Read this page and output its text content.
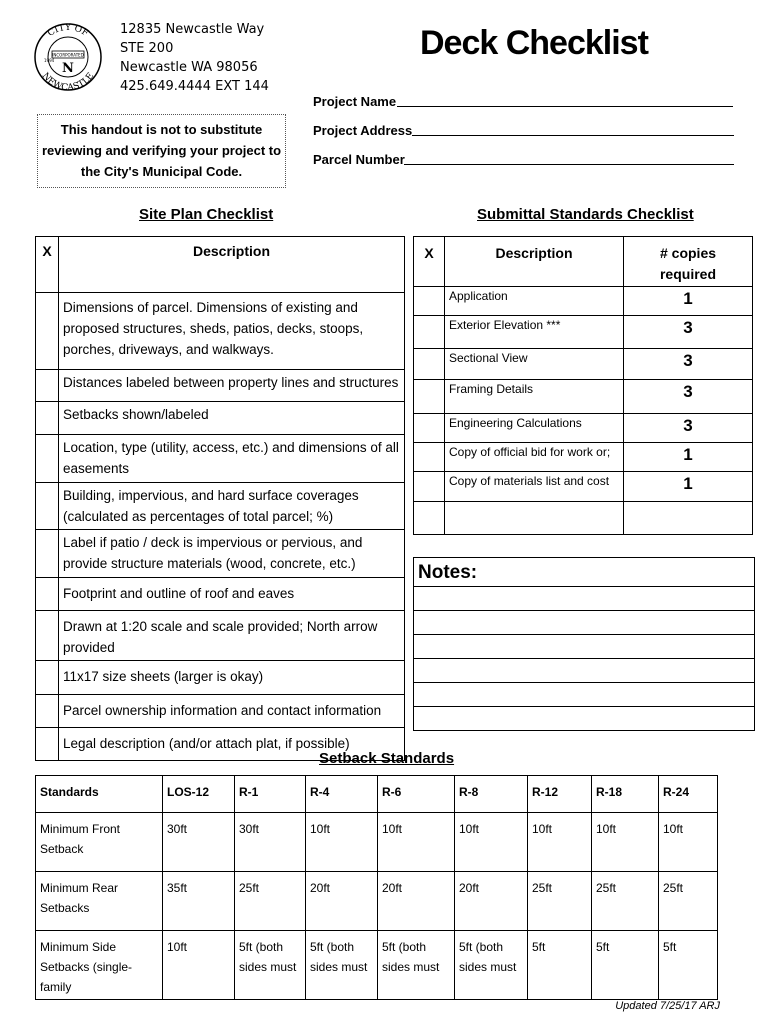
CITY OF
NEWCASTLE
INCORPORATED
N
1994
12835 Newcastle Way
STE 200
Newcastle WA 98056
425.649.4444 EXT 144
Deck Checklist
Project Name
Project Address
Parcel Number
This handout is not to substitute
reviewing and verifying your project to
the City's Municipal Code.
Site Plan Checklist	Submittal Standards Checklist
X	Description
	Dimensions of parcel. Dimensions of existing and proposed structures, sheds, patios, decks, stoops, porches, driveways, and walkways.
	Distances labeled between property lines and structures
	Setbacks shown/labeled
	Location, type (utility, access, etc.) and dimensions of all easements
	Building, impervious, and hard surface coverages (calculated as percentages of total parcel; %)
	Label if patio / deck is impervious or pervious, and provide structure materials (wood, concrete, etc.)
	Footprint and outline of roof and eaves
	Drawn at 1:20 scale and scale provided; North arrow provided
	11x17 size sheets (larger is okay)
	Parcel ownership information and contact information
	Legal description (and/or attach plat, if possible)
X	Description	# copies
required

	Application	1
	Exterior Elevation ***	3
	Sectional View	3
	Framing Details	3
	Engineering Calculations	3
	Copy of official bid for work or;	1
	Copy of materials list and cost	1

Notes:
Setback Standards
Standards	LOS-12	R-1	R-4	R-6	R-8	R-12	R-18	R-24
Minimum Front Setback	30ft	30ft	10ft	10ft	10ft	10ft	10ft	10ft
Minimum Rear Setbacks	35ft	25ft	20ft	20ft	20ft	25ft	25ft	25ft
Minimum Side Setbacks (single-family	10ft	5ft (both sides must	5ft (both sides must	5ft (both sides must	5ft (both sides must	5ft	5ft	5ft
Updated 7/25/17 ARJ
